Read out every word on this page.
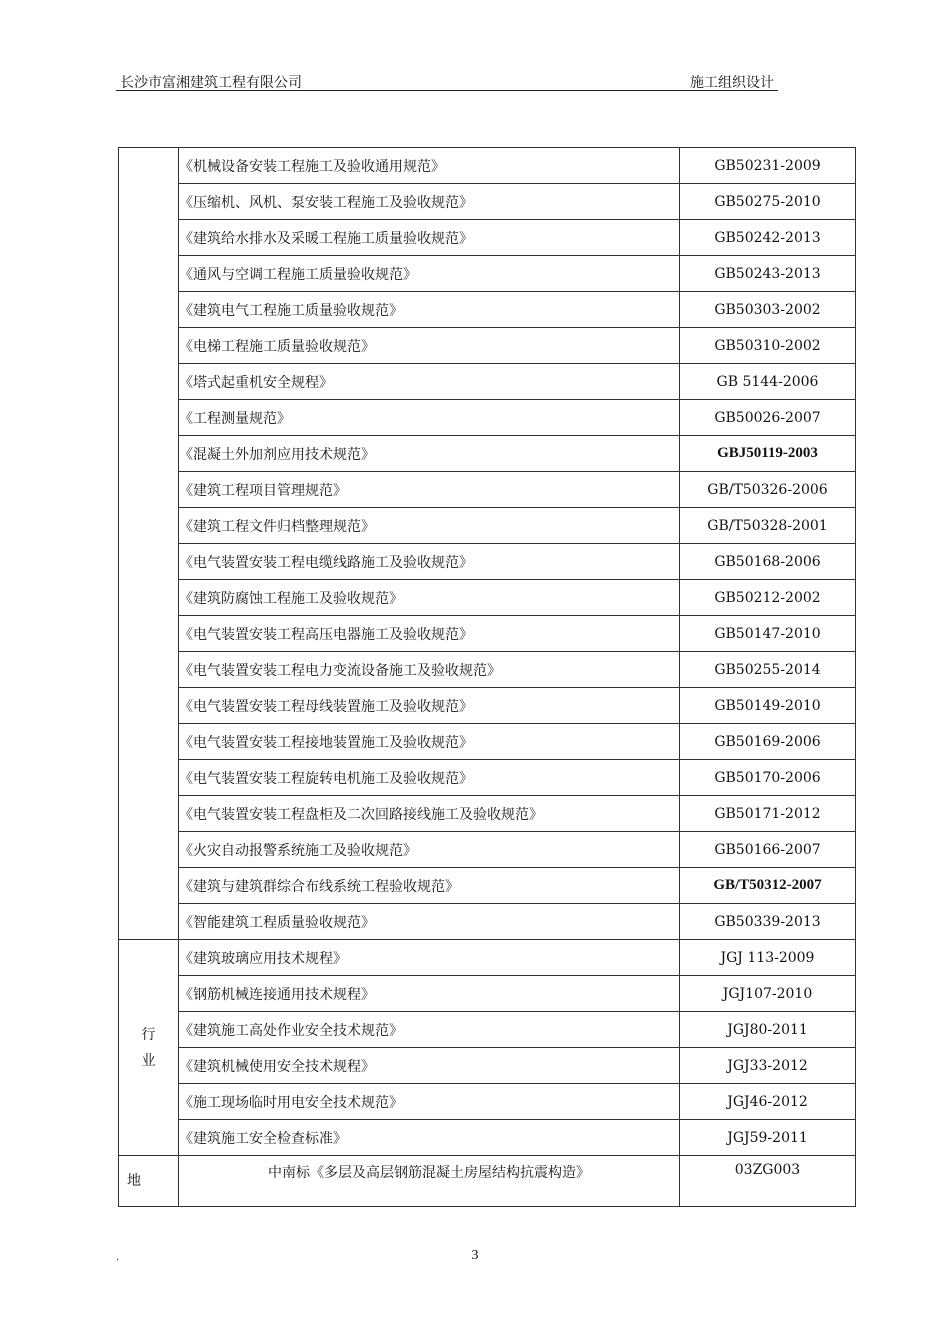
长沙市富湘建筑工程有限公司	施工组织设计
	《机械设备安装工程施工及验收通用规范》	GB50231-2009
	《压缩机、风机、泵安装工程施工及验收规范》	GB50275-2010
	《建筑给水排水及采暖工程施工质量验收规范》	GB50242-2013
	《通风与空调工程施工质量验收规范》	GB50243-2013
	《建筑电气工程施工质量验收规范》	GB50303-2002
	《电梯工程施工质量验收规范》	GB50310-2002
	《塔式起重机安全规程》	GB 5144-2006
	《工程测量规范》	GB50026-2007
	《混凝土外加剂应用技术规范》	GBJ50119-2003
	《建筑工程项目管理规范》	GB/T50326-2006
	《建筑工程文件归档整理规范》	GB/T50328-2001
	《电气装置安装工程电缆线路施工及验收规范》	GB50168-2006
	《建筑防腐蚀工程施工及验收规范》	GB50212-2002
	《电气装置安装工程高压电器施工及验收规范》	GB50147-2010
	《电气装置安装工程电力变流设备施工及验收规范》	GB50255-2014
	《电气装置安装工程母线装置施工及验收规范》	GB50149-2010
	《电气装置安装工程接地装置施工及验收规范》	GB50169-2006
	《电气装置安装工程旋转电机施工及验收规范》	GB50170-2006
	《电气装置安装工程盘柜及二次回路接线施工及验收规范》	GB50171-2012
	《火灾自动报警系统施工及验收规范》	GB50166-2007
	《建筑与建筑群综合布线系统工程验收规范》	GB/T50312-2007
	《智能建筑工程质量验收规范》	GB50339-2013
行
业	《建筑玻璃应用技术规程》	JGJ 113-2009
	《钢筋机械连接通用技术规程》	JGJ107-2010
	《建筑施工高处作业安全技术规范》	JGJ80-2011
	《建筑机械使用安全技术规程》	JGJ33-2012
	《施工现场临时用电安全技术规范》	JGJ46-2012
	《建筑施工安全检查标准》	JGJ59-2011
地	中南标《多层及高层钢筋混凝土房屋结构抗震构造》	03ZG003
.	3
